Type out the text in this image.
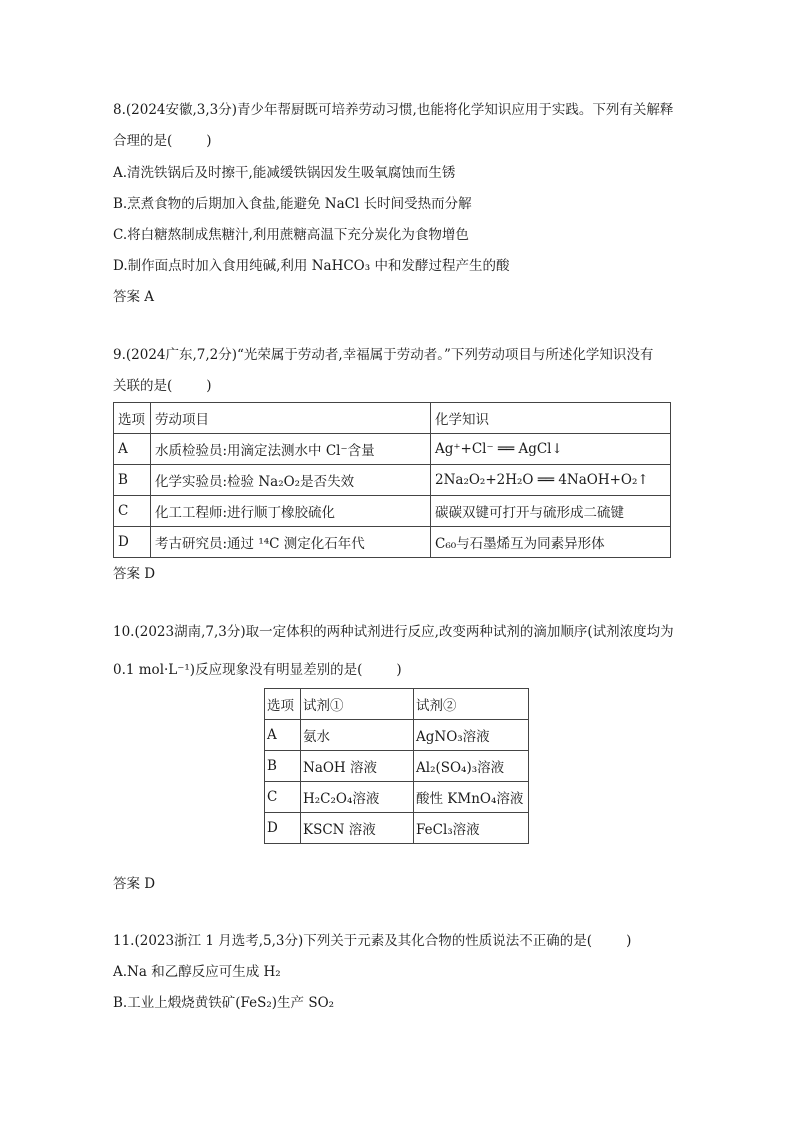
8.(2024安徽,3,3分)青少年帮厨既可培养劳动习惯,也能将化学知识应用于实践。下列有关解释
合理的是(	)
A.清洗铁锅后及时擦干,能减缓铁锅因发生吸氧腐蚀而生锈
B.烹煮食物的后期加入食盐,能避免 NaCl 长时间受热而分解
C.将白糖熬制成焦糖汁,利用蔗糖高温下充分炭化为食物增色
D.制作面点时加入食用纯碱,利用 NaHCO₃ 中和发酵过程产生的酸
答案 A
9.(2024广东,7,2分)“光荣属于劳动者,幸福属于劳动者。”下列劳动项目与所述化学知识没有
关联的是(	)
选项	劳动项目	化学知识
A	水质检验员:用滴定法测水中 Cl⁻含量	Ag⁺+Cl⁻ ══ AgCl↓
B	化学实验员:检验 Na₂O₂是否失效	2Na₂O₂+2H₂O ══ 4NaOH+O₂↑
C	化工工程师:进行顺丁橡胶硫化	碳碳双键可打开与硫形成二硫键
D	考古研究员:通过 ¹⁴C 测定化石年代	C₆₀与石墨烯互为同素异形体
答案 D
10.(2023湖南,7,3分)取一定体积的两种试剂进行反应,改变两种试剂的滴加顺序(试剂浓度均为
0.1 mol·L⁻¹)反应现象没有明显差别的是(	)
选项	试剂①	试剂②
A	氨水	AgNO₃溶液
B	NaOH 溶液	Al₂(SO₄)₃溶液
C	H₂C₂O₄溶液	酸性 KMnO₄溶液
D	KSCN 溶液	FeCl₃溶液
答案 D
11.(2023浙江 1 月选考,5,3分)下列关于元素及其化合物的性质说法不正确的是(	)
A.Na 和乙醇反应可生成 H₂
B.工业上煅烧黄铁矿(FeS₂)生产 SO₂
